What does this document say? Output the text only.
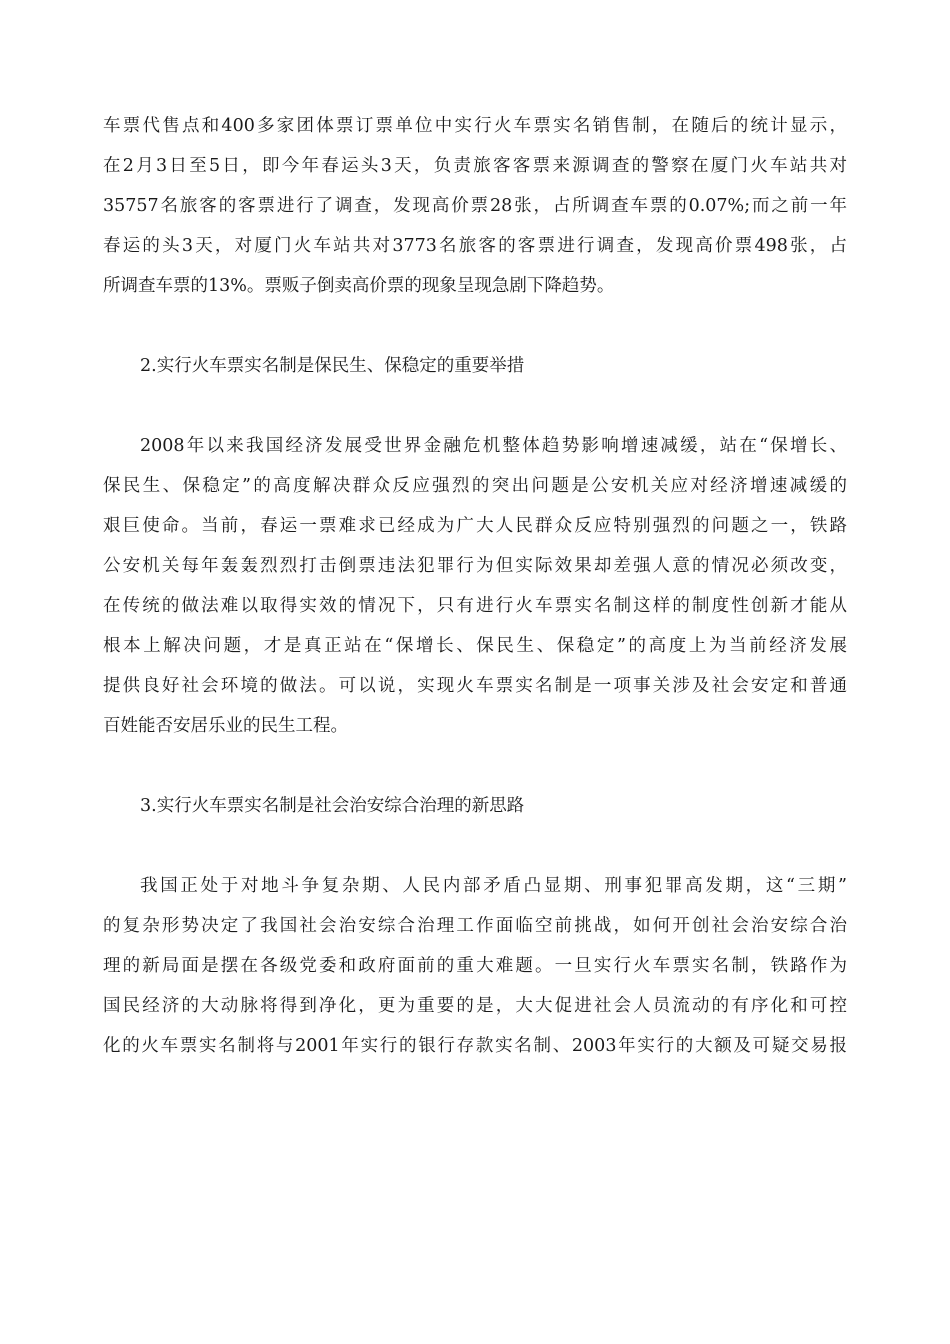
车票代售点和400多家团体票订票单位中实行火车票实名销售制，在随后的统计显示，
在2月3日至5日，即今年春运头3天，负责旅客客票来源调查的警察在厦门火车站共对
35757名旅客的客票进行了调查，发现高价票28张，占所调查车票的0.07%;而之前一年
春运的头3天，对厦门火车站共对3773名旅客的客票进行调查，发现高价票498张，占
所调查车票的13%。票贩子倒卖高价票的现象呈现急剧下降趋势。
2.实行火车票实名制是保民生、保稳定的重要举措
2008年以来我国经济发展受世界金融危机整体趋势影响增速减缓，站在“保增长、
保民生、保稳定”的高度解决群众反应强烈的突出问题是公安机关应对经济增速减缓的
艰巨使命。当前，春运一票难求已经成为广大人民群众反应特别强烈的问题之一，铁路
公安机关每年轰轰烈烈打击倒票违法犯罪行为但实际效果却差强人意的情况必须改变，
在传统的做法难以取得实效的情况下，只有进行火车票实名制这样的制度性创新才能从
根本上解决问题，才是真正站在“保增长、保民生、保稳定”的高度上为当前经济发展
提供良好社会环境的做法。可以说，实现火车票实名制是一项事关涉及社会安定和普通
百姓能否安居乐业的民生工程。
3.实行火车票实名制是社会治安综合治理的新思路
我国正处于对地斗争复杂期、人民内部矛盾凸显期、刑事犯罪高发期，这“三期”
的复杂形势决定了我国社会治安综合治理工作面临空前挑战，如何开创社会治安综合治
理的新局面是摆在各级党委和政府面前的重大难题。一旦实行火车票实名制，铁路作为
国民经济的大动脉将得到净化，更为重要的是，大大促进社会人员流动的有序化和可控
化的火车票实名制将与2001年实行的银行存款实名制、2003年实行的大额及可疑交易报
